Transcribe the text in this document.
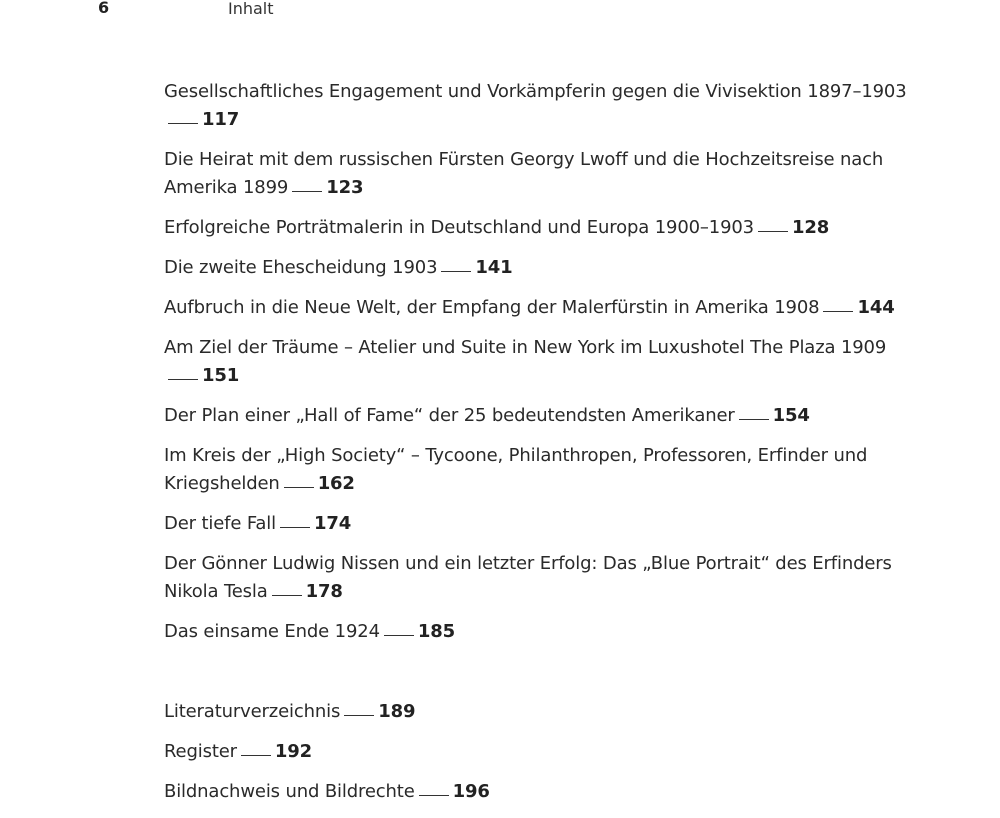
6	Inhalt

Gesellschaftliches Engagement und Vorkämpferin gegen die Vivisektion 1897–1903117

Die Heirat mit dem russischen Fürsten Georgy Lwoff und die Hochzeitsreise nach Amerika 1899 123

Erfolgreiche Porträtmalerin in Deutschland und Europa 1900–1903 128

Die zweite Ehescheidung 1903 141

Aufbruch in die Neue Welt, der Empfang der Malerfürstin in Amerika 1908 144

Am Ziel der Träume – Atelier und Suite in New York im Luxushotel The Plaza 1909151

Der Plan einer „Hall of Fame“ der 25 bedeutendsten Amerikaner 154

Im Kreis der „High Society“ – Tycoone, Philanthropen, Professoren, Erfinder und Kriegshelden 162

Der tiefe Fall 174

Der Gönner Ludwig Nissen und ein letzter Erfolg: Das „Blue Portrait“ des Erfinders Nikola Tesla 178

Das einsame Ende 1924 185

Literaturverzeichnis 189

Register 192

Bildnachweis und Bildrechte 196
